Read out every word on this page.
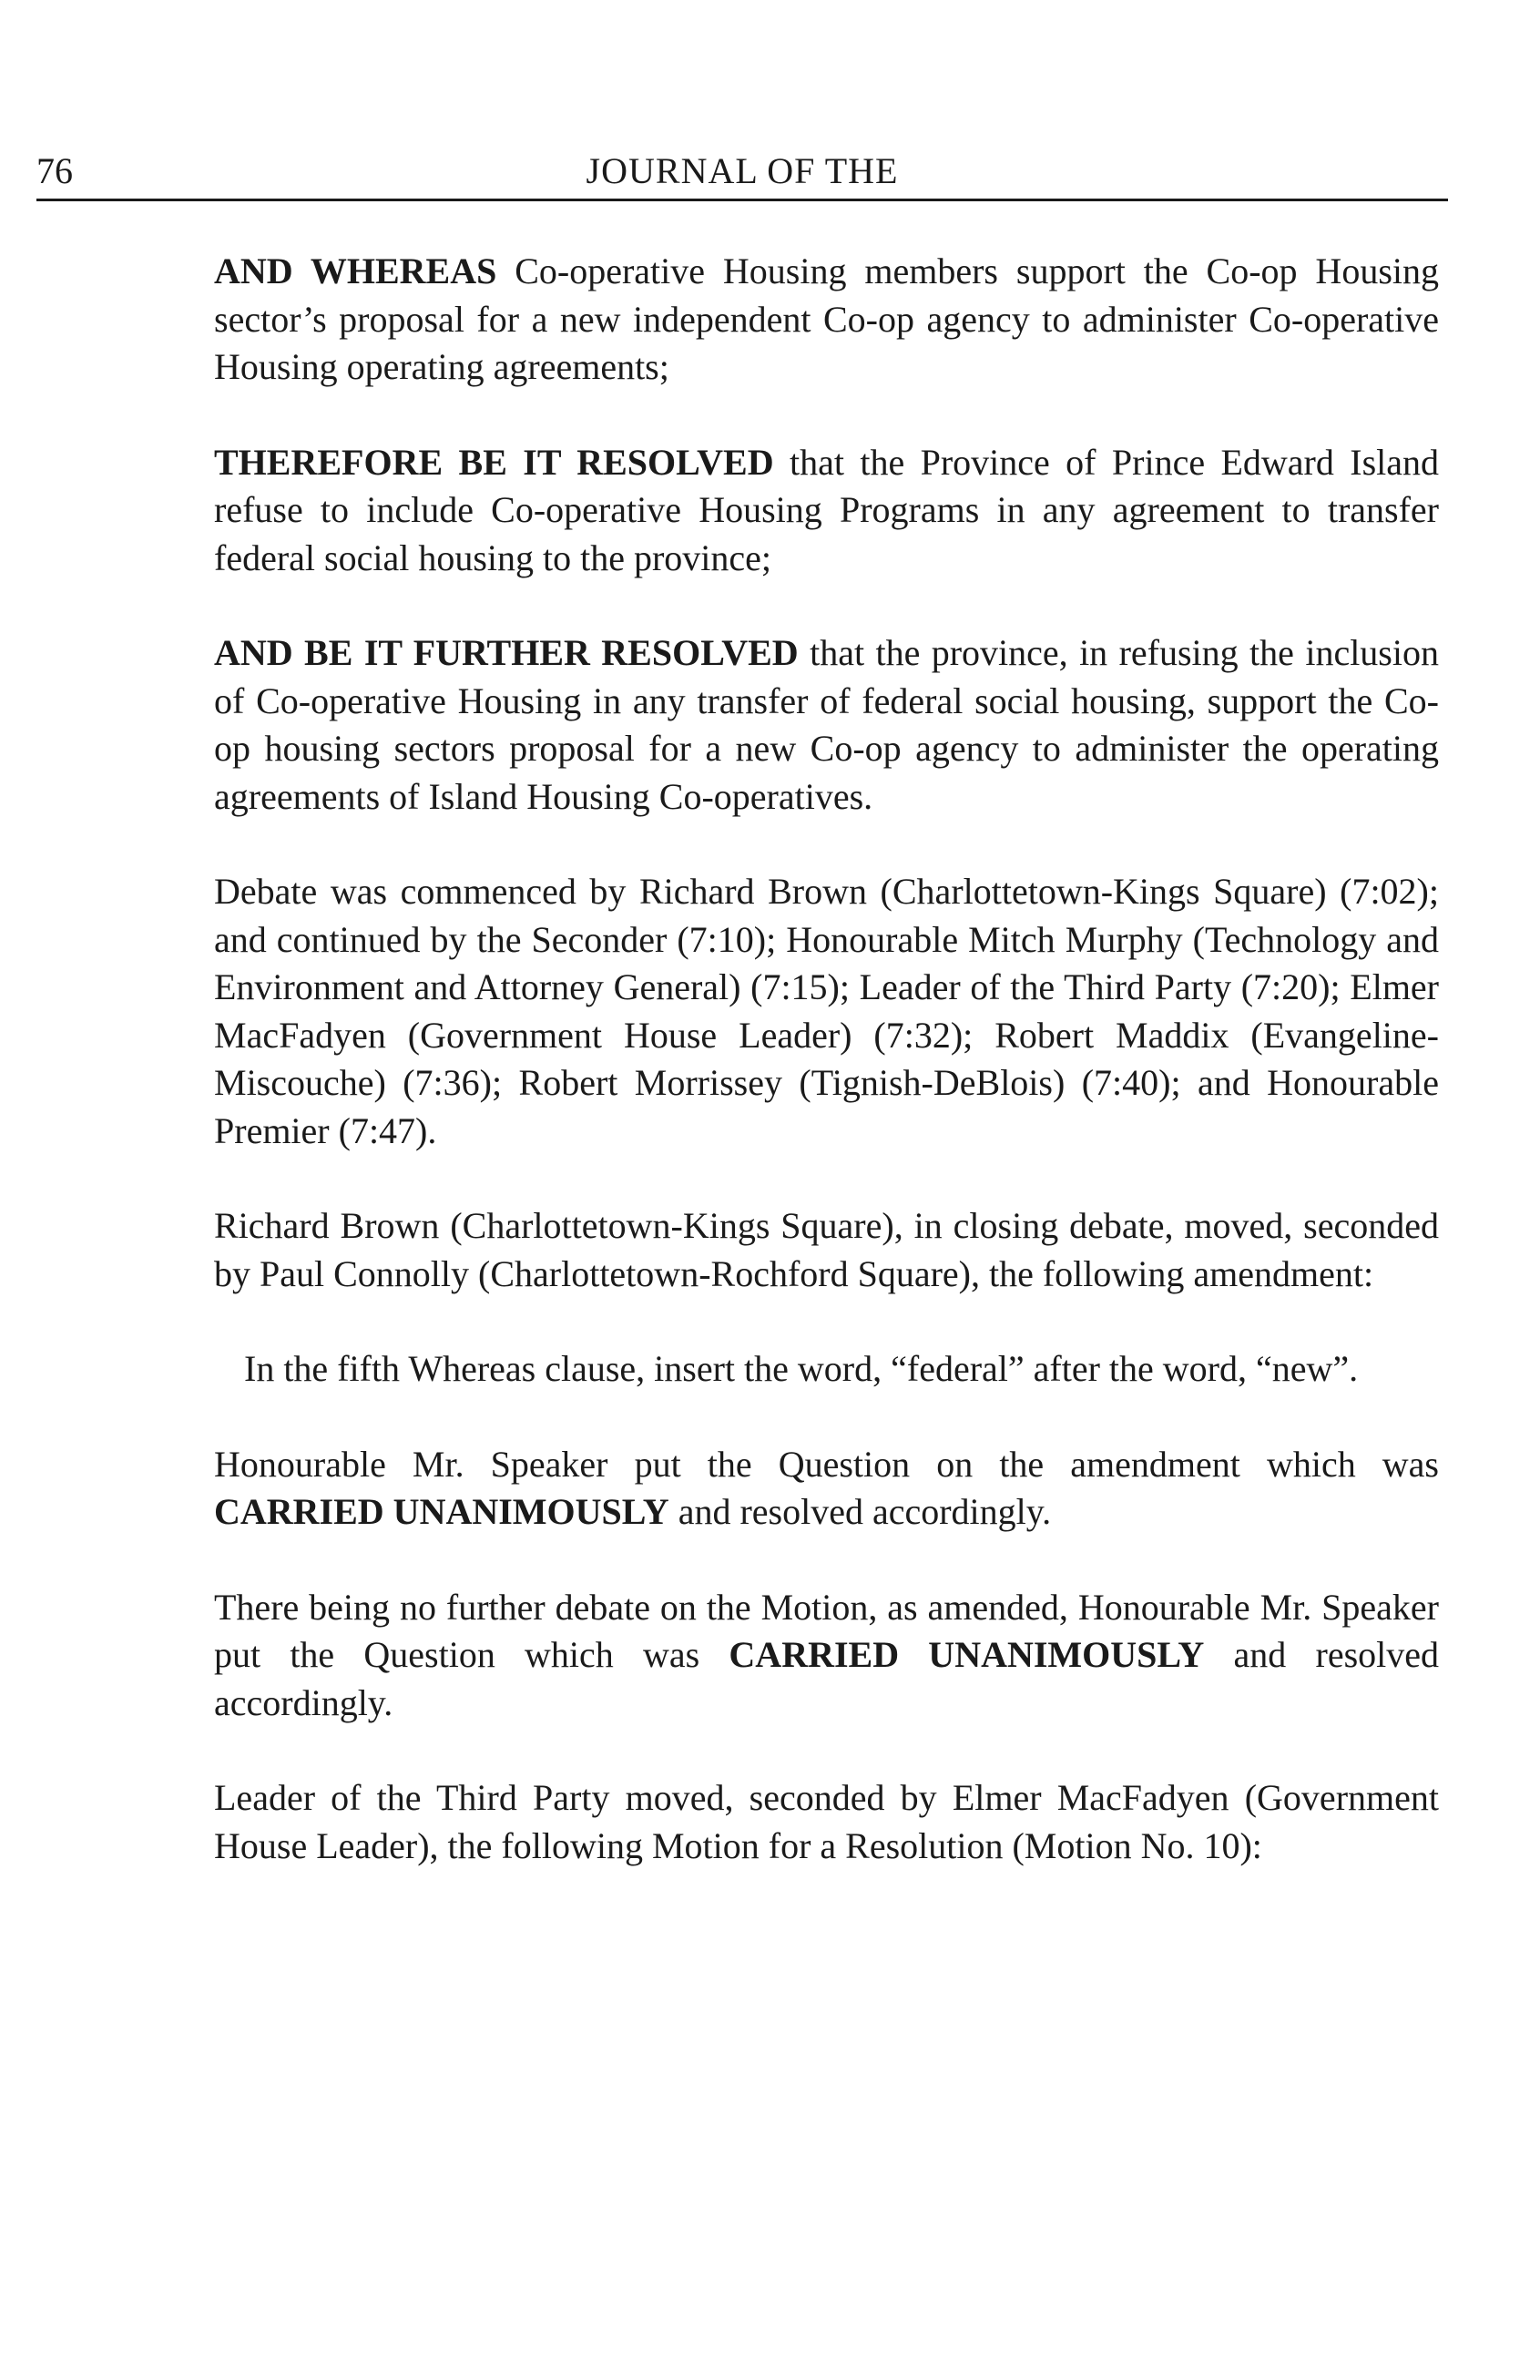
76	JOURNAL OF THE

AND WHEREAS Co-operative Housing members support the Co-op Housing sector’s proposal for a new independent Co-op agency to administer Co-operative Housing operating agreements;

THEREFORE BE IT RESOLVED that the Province of Prince Edward Island refuse to include Co-operative Housing Programs in any agreement to transfer federal social housing to the province;

AND BE IT FURTHER RESOLVED that the province, in refusing the inclusion of Co-operative Housing in any transfer of federal social housing, support the Co-op housing sectors proposal for a new Co-op agency to administer the operating agreements of Island Housing Co-operatives.

Debate was commenced by Richard Brown (Charlottetown-Kings Square) (7:02); and continued by the Seconder (7:10); Honourable Mitch Murphy (Technology and Environment and Attorney General) (7:15); Leader of the Third Party (7:20); Elmer MacFadyen (Government House Leader) (7:32); Robert Maddix (Evangeline-Miscouche) (7:36); Robert Morrissey (Tignish-DeBlois) (7:40); and Honourable Premier (7:47).

Richard Brown (Charlottetown-Kings Square), in closing debate, moved, seconded by Paul Connolly (Charlottetown-Rochford Square), the following amendment:

In the fifth Whereas clause, insert the word, “federal” after the word, “new”.

Honourable Mr. Speaker put the Question on the amendment which was CARRIED UNANIMOUSLY and resolved accordingly.

There being no further debate on the Motion, as amended, Honourable Mr. Speaker put the Question which was CARRIED UNANIMOUSLY and resolved accordingly.

Leader of the Third Party moved, seconded by Elmer MacFadyen (Government House Leader), the following Motion for a Resolution (Motion No. 10):
